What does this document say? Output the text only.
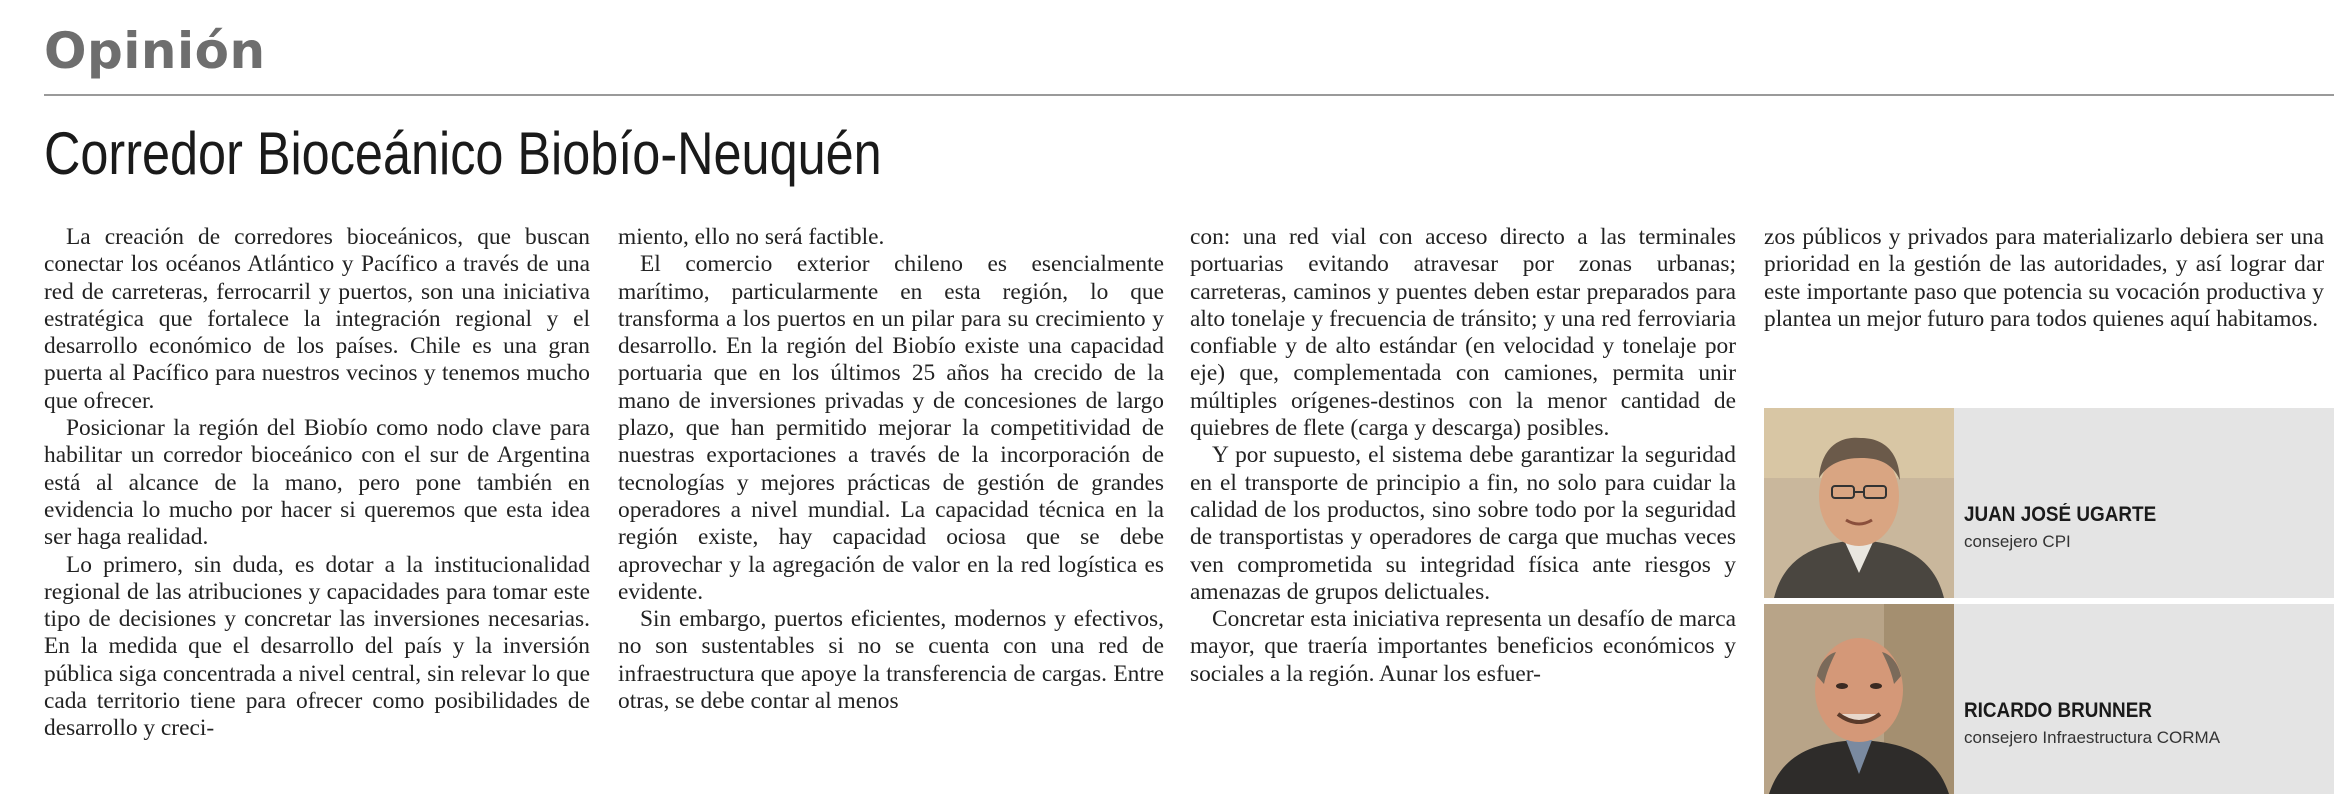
Opinión
Corredor Bioceánico Biobío-Neuquén

La creación de corredores bioceánicos, que buscan conectar los océanos Atlántico y Pacífico a través de una red de carreteras, ferrocarril y puertos, son una iniciativa estratégica que fortalece la integración regional y el desarrollo económico de los países. Chile es una gran puerta al Pacífico para nuestros vecinos y tenemos mucho que ofrecer.

Posicionar la región del Biobío como nodo clave para habilitar un corredor bioceánico con el sur de Argentina está al alcance de la mano, pero pone también en evidencia lo mucho por hacer si queremos que esta idea ser haga realidad.

Lo primero, sin duda, es dotar a la institucionalidad regional de las atribuciones y capacidades para tomar este tipo de decisiones y concretar las inversiones necesarias. En la medida que el desarrollo del país y la inversión pública siga concentrada a nivel central, sin relevar lo que cada territorio tiene para ofrecer como posibilidades de desarrollo y creci-

miento, ello no será factible.

El comercio exterior chileno es esencialmente marítimo, particularmente en esta región, lo que transforma a los puertos en un pilar para su crecimiento y desarrollo. En la región del Biobío existe una capacidad portuaria que en los últimos 25 años ha crecido de la mano de inversiones privadas y de concesiones de largo plazo, que han permitido mejorar la competitividad de nuestras exportaciones a través de la incorporación de tecnologías y mejores prácticas de gestión de grandes operadores a nivel mundial. La capacidad técnica en la región existe, hay capacidad ociosa que se debe aprovechar y la agregación de valor en la red logística es evidente.

Sin embargo, puertos eficientes, modernos y efectivos, no son sustentables si no se cuenta con una red de infraestructura que apoye la transferencia de cargas. Entre otras, se debe contar al menos

con: una red vial con acceso directo a las terminales portuarias evitando atravesar por zonas urbanas; carreteras, caminos y puentes deben estar preparados para alto tonelaje y frecuencia de tránsito; y una red ferroviaria confiable y de alto estándar (en velocidad y tonelaje por eje) que, complementada con camiones, permita unir múltiples orígenes-destinos con la menor cantidad de quiebres de flete (carga y descarga) posibles.

Y por supuesto, el sistema debe garantizar la seguridad en el transporte de principio a fin, no solo para cuidar la calidad de los productos, sino sobre todo por la seguridad de transportistas y operadores de carga que muchas veces ven comprometida su integridad física ante riesgos y amenazas de grupos delictuales.

Concretar esta iniciativa representa un desafío de marca mayor, que traería importantes beneficios económicos y sociales a la región. Aunar los esfuer-

zos públicos y privados para materializarlo debiera ser una prioridad en la gestión de las autoridades, y así lograr dar este importante paso que potencia su vocación productiva y plantea un mejor futuro para todos quienes aquí habitamos.

JUAN JOSÉ UGARTE
consejero CPI
RICARDO BRUNNER
consejero Infraestructura CORMA
